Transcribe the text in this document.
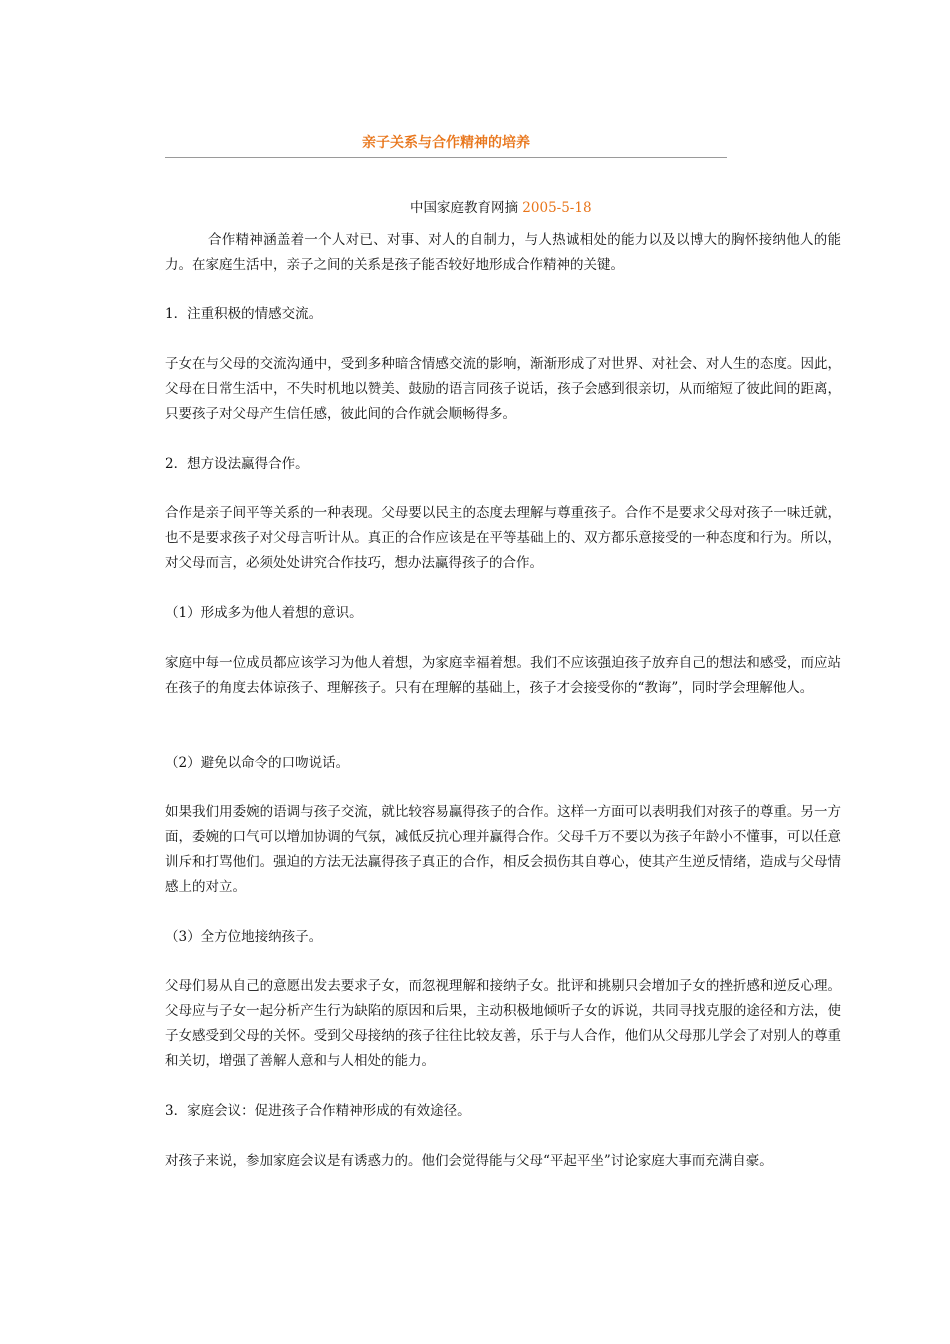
亲子关系与合作精神的培养
中国家庭教育网摘 2005-5-18

合作精神涵盖着一个人对已、对事、对人的自制力，与人热诚相处的能力以及以博大的胸怀接纳他人的能力。在家庭生活中，亲子之间的关系是孩子能否较好地形成合作精神的关键。

1．注重积极的情感交流。

子女在与父母的交流沟通中，受到多种暗含情感交流的影响，渐渐形成了对世界、对社会、对人生的态度。因此，父母在日常生活中，不失时机地以赞美、鼓励的语言同孩子说话，孩子会感到很亲切，从而缩短了彼此间的距离，只要孩子对父母产生信任感，彼此间的合作就会顺畅得多。

2．想方设法赢得合作。

合作是亲子间平等关系的一种表现。父母要以民主的态度去理解与尊重孩子。合作不是要求父母对孩子一味迁就，也不是要求孩子对父母言听计从。真正的合作应该是在平等基础上的、双方都乐意接受的一种态度和行为。所以，对父母而言，必须处处讲究合作技巧，想办法赢得孩子的合作。

（1）形成多为他人着想的意识。

家庭中每一位成员都应该学习为他人着想，为家庭幸福着想。我们不应该强迫孩子放弃自己的想法和感受，而应站在孩子的角度去体谅孩子、理解孩子。只有在理解的基础上，孩子才会接受你的“教诲”，同时学会理解他人。

（2）避免以命令的口吻说话。

如果我们用委婉的语调与孩子交流，就比较容易赢得孩子的合作。这样一方面可以表明我们对孩子的尊重。另一方面，委婉的口气可以增加协调的气氛，减低反抗心理并赢得合作。父母千万不要以为孩子年龄小不懂事，可以任意训斥和打骂他们。强迫的方法无法赢得孩子真正的合作，相反会损伤其自尊心，使其产生逆反情绪，造成与父母情感上的对立。

（3）全方位地接纳孩子。

父母们易从自己的意愿出发去要求子女，而忽视理解和接纳子女。批评和挑剔只会增加子女的挫折感和逆反心理。父母应与子女一起分析产生行为缺陷的原因和后果，主动积极地倾听子女的诉说，共同寻找克服的途径和方法，使子女感受到父母的关怀。受到父母接纳的孩子往往比较友善，乐于与人合作，他们从父母那儿学会了对别人的尊重和关切，增强了善解人意和与人相处的能力。

3．家庭会议：促进孩子合作精神形成的有效途径。

对孩子来说，参加家庭会议是有诱惑力的。他们会觉得能与父母“平起平坐”讨论家庭大事而充满自豪。
